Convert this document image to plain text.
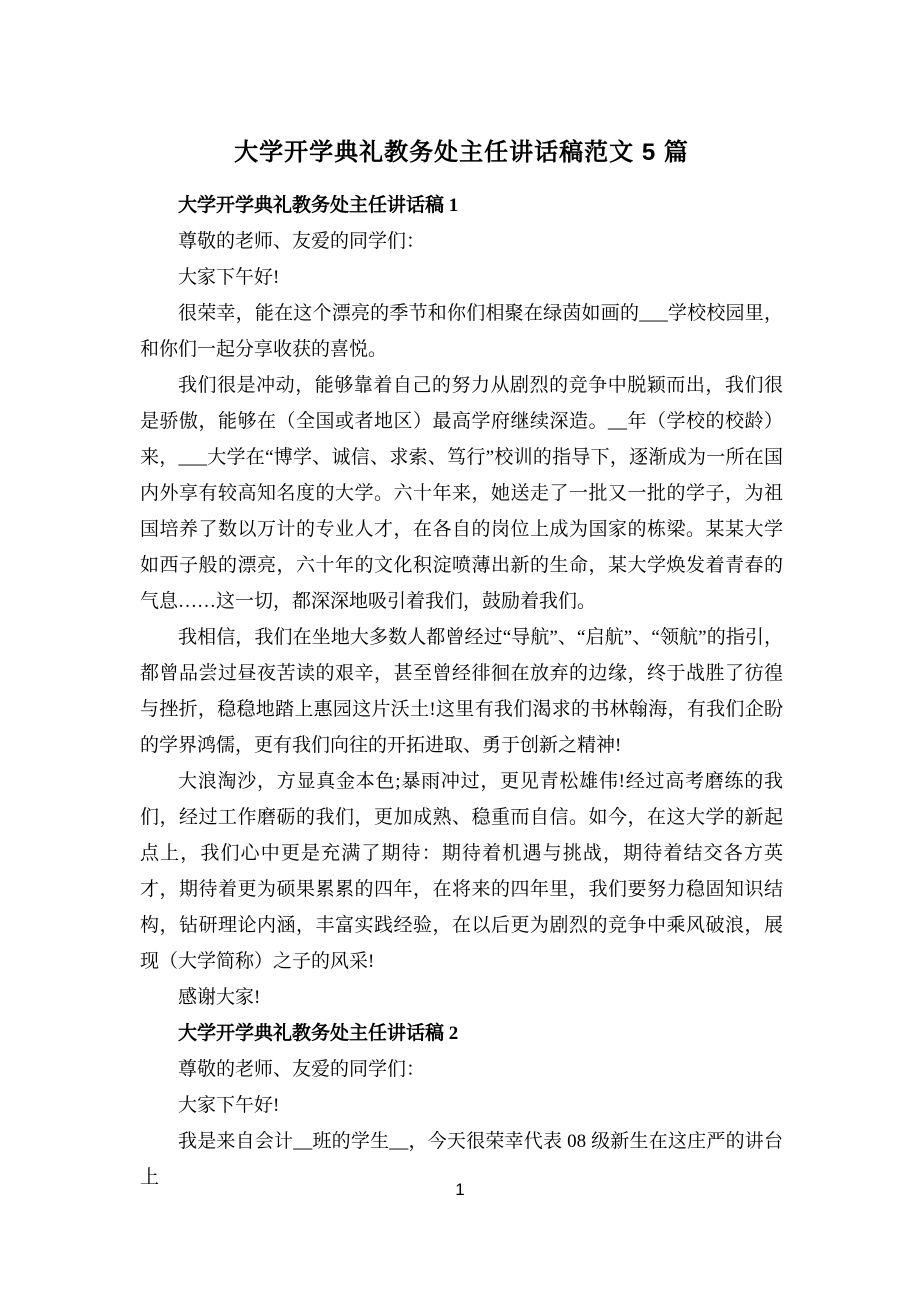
大学开学典礼教务处主任讲话稿范文 5 篇

大学开学典礼教务处主任讲话稿 1

尊敬的老师、友爱的同学们：

大家下午好!

很荣幸，能在这个漂亮的季节和你们相聚在绿茵如画的___学校校园里，和你们一起分享收获的喜悦。

我们很是冲动，能够靠着自己的努力从剧烈的竞争中脱颖而出，我们很是骄傲，能够在（全国或者地区）最高学府继续深造。__年（学校的校龄）来，___大学在“博学、诚信、求索、笃行”校训的指导下，逐渐成为一所在国内外享有较高知名度的大学。六十年来，她送走了一批又一批的学子，为祖国培养了数以万计的专业人才，在各自的岗位上成为国家的栋梁。某某大学如西子般的漂亮，六十年的文化积淀喷薄出新的生命，某大学焕发着青春的气息……这一切，都深深地吸引着我们，鼓励着我们。

我相信，我们在坐地大多数人都曾经过“导航”、“启航”、“领航”的指引，都曾品尝过昼夜苦读的艰辛，甚至曾经徘徊在放弃的边缘，终于战胜了彷徨与挫折，稳稳地踏上惠园这片沃土!这里有我们渴求的书林翰海，有我们企盼的学界鸿儒，更有我们向往的开拓进取、勇于创新之精神!

大浪淘沙，方显真金本色;暴雨冲过，更见青松雄伟!经过高考磨练的我们，经过工作磨砺的我们，更加成熟、稳重而自信。如今，在这大学的新起点上，我们心中更是充满了期待：期待着机遇与挑战，期待着结交各方英才，期待着更为硕果累累的四年，在将来的四年里，我们要努力稳固知识结构，钻研理论内涵，丰富实践经验，在以后更为剧烈的竞争中乘风破浪，展现（大学简称）之子的风采!

感谢大家!

大学开学典礼教务处主任讲话稿 2

尊敬的老师、友爱的同学们：

大家下午好!

我是来自会计__班的学生__，今天很荣幸代表 08 级新生在这庄严的讲台上

1
